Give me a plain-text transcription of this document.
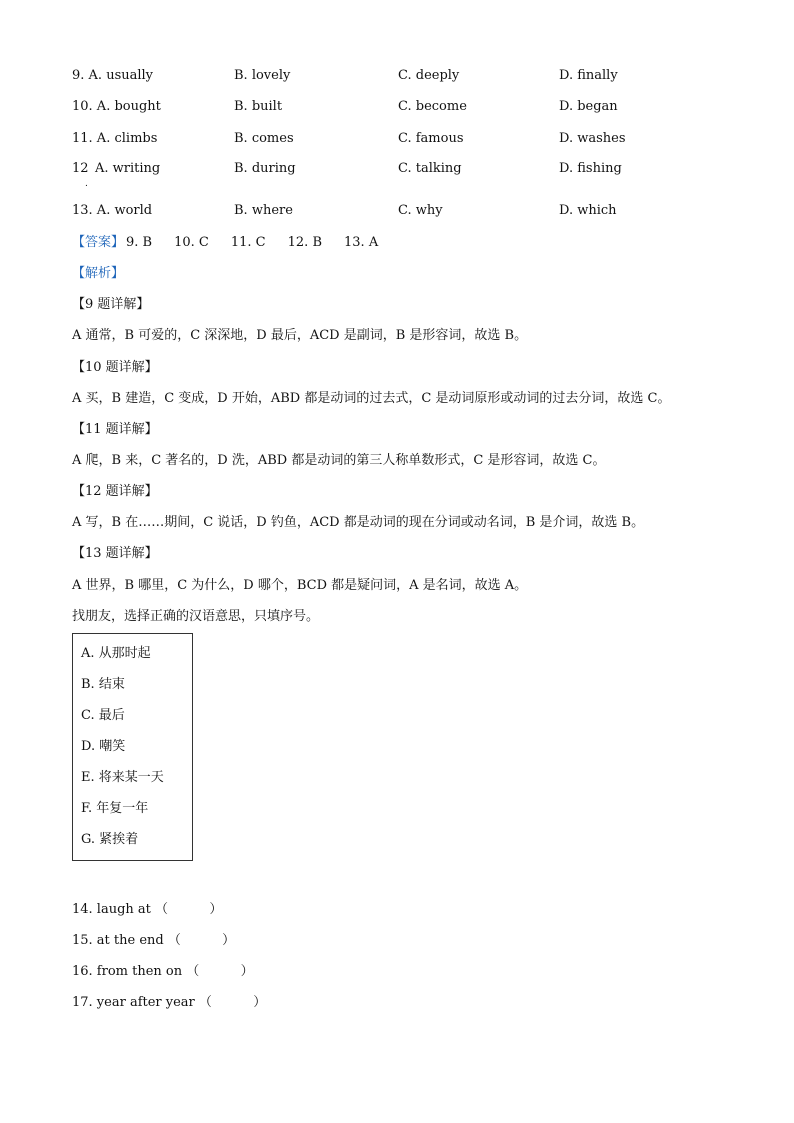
9. A. usually	B. lovely	C. deeply	D. finally
10. A. bought	B. built	C. become	D. began
11. A. climbs	B. comes	C. famous	D. washes
12 A. writing	B. during	C. talking	D. fishing
.
13. A. world	B. where	C. why	D. which
【答案】 9. B 10. C 11. C 12. B 13. A
【解析】
【9 题详解】
A 通常，B 可爱的，C 深深地，D 最后，ACD 是副词，B 是形容词，故选 B。
【10 题详解】
A 买，B 建造，C 变成，D 开始，ABD 都是动词的过去式，C 是动词原形或动词的过去分词，故选 C。
【11 题详解】
A 爬，B 来，C 著名的，D 洗，ABD 都是动词的第三人称单数形式，C 是形容词，故选 C。
【12 题详解】
A 写，B 在……期间，C 说话，D 钓鱼，ACD 都是动词的现在分词或动名词，B 是介词，故选 B。
【13 题详解】
A 世界，B 哪里，C 为什么，D 哪个，BCD 都是疑问词，A 是名词，故选 A。
找朋友，选择正确的汉语意思，只填序号。
A. 从那时起
B. 结束
C. 最后
D. 嘲笑
E. 将来某一天
F. 年复一年
G. 紧挨着
14. laugh at （          ）
15. at the end （          ）
16. from then on （          ）
17. year after year （          ）
